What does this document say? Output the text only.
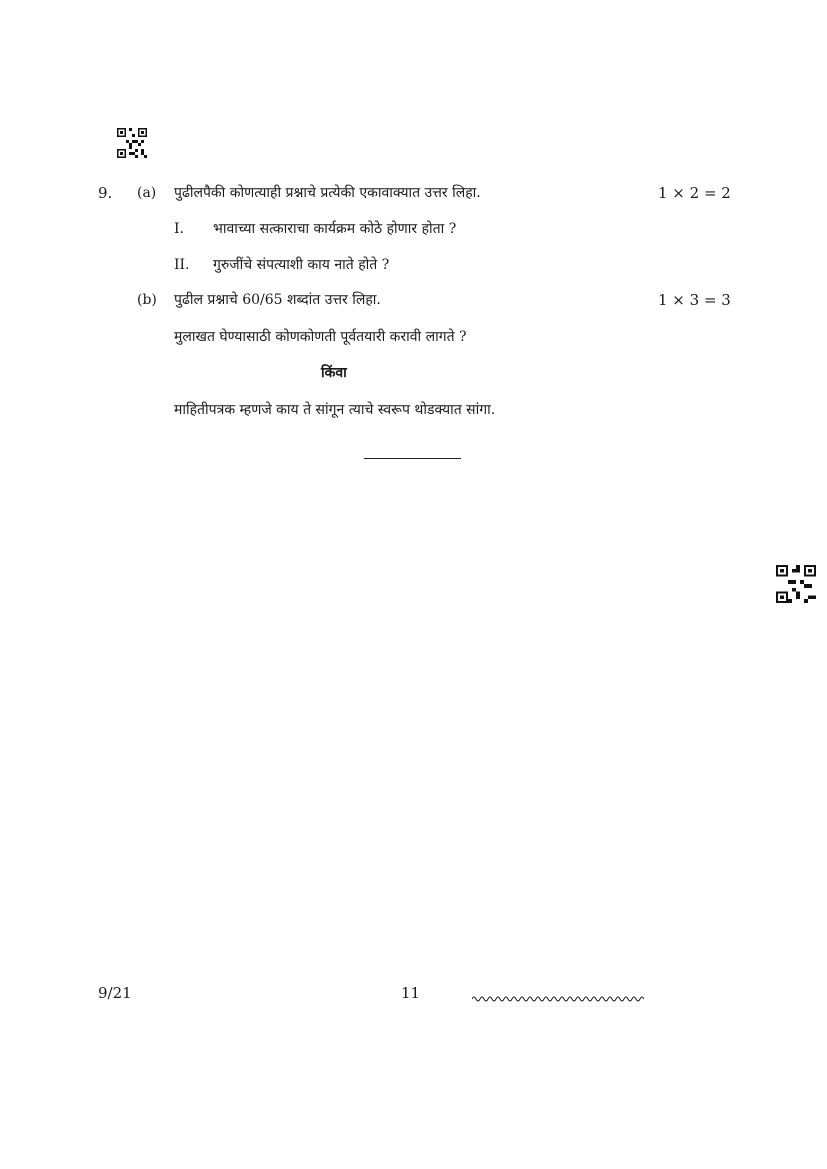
9. (a) पुढीलपैकी कोणत्याही प्रश्नाचे प्रत्येकी एकावाक्यात उत्तर लिहा.	1 × 2 = 2
I. भावाच्या सत्काराचा कार्यक्रम कोठे होणार होता ?
II. गुरुजींचे संपत्याशी काय नाते होते ?
(b) पुढील प्रश्नाचे 60/65 शब्दांत उत्तर लिहा.	1 × 3 = 3
मुलाखत घेण्यासाठी कोणकोणती पूर्वतयारी करावी लागते ?
किंवा
माहितीपत्रक म्हणजे काय ते सांगून त्याचे स्वरूप थोडक्यात सांगा.
9/21	11
